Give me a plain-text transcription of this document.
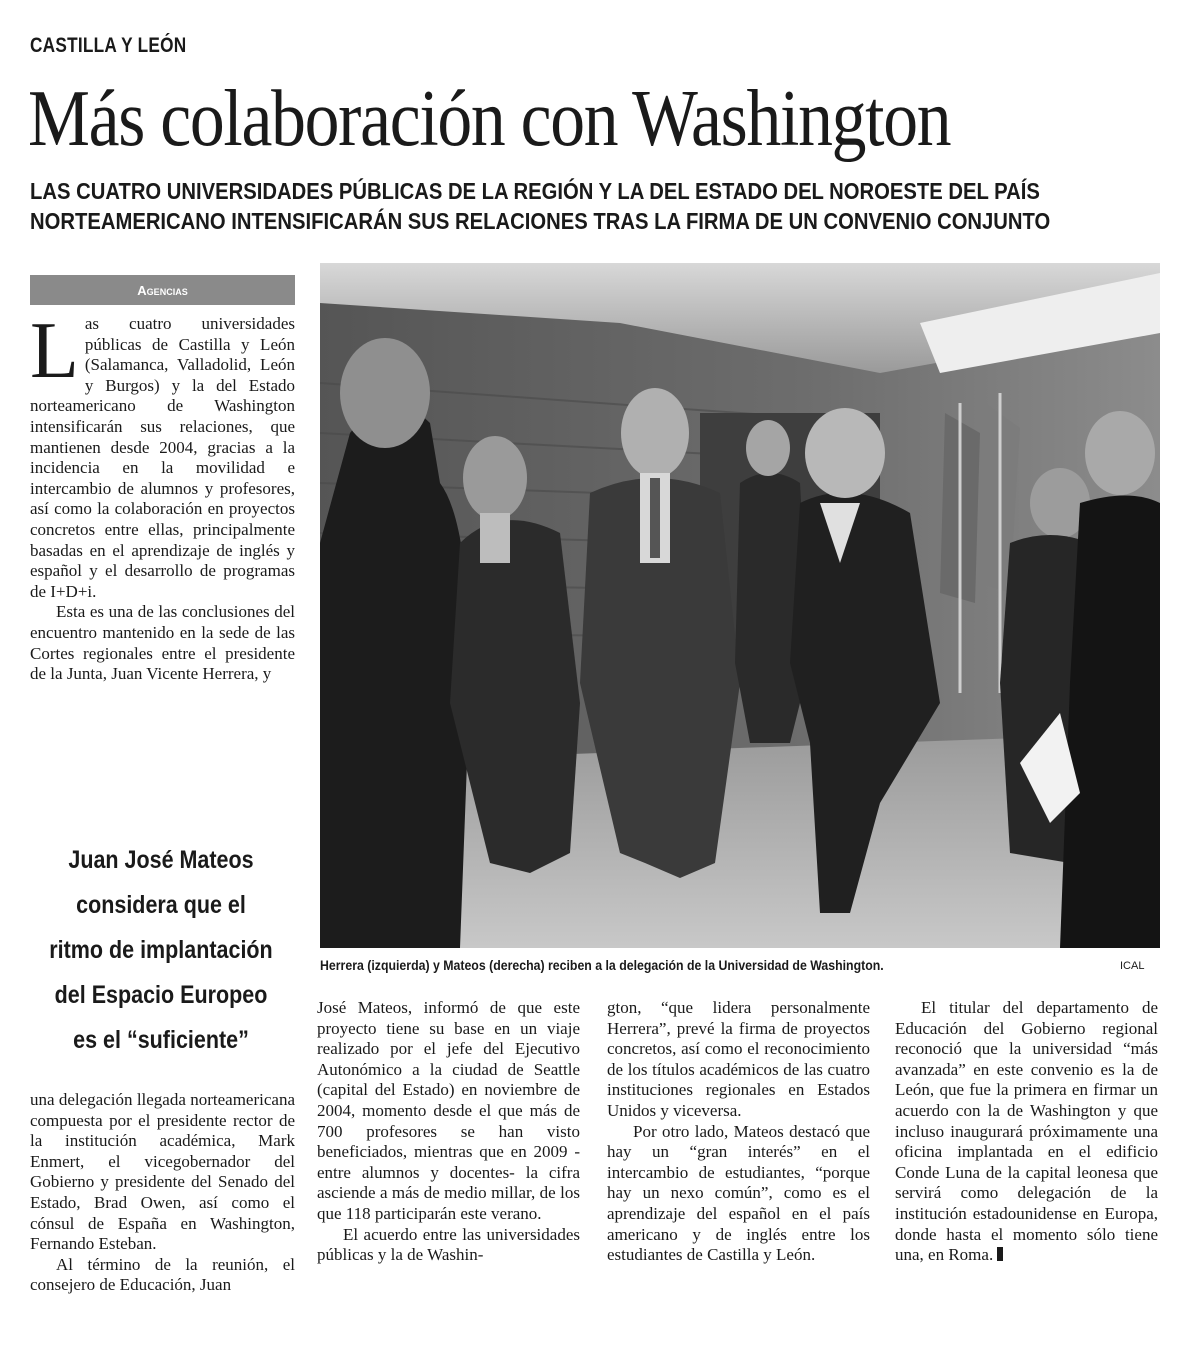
CASTILLA Y LEÓN
Más colaboración con Washington

LAS CUATRO UNIVERSIDADES PÚBLICAS DE LA REGIÓN Y LA DEL ESTADO DEL NOROESTE DEL PAÍS NORTEAMERICANO INTENSIFICARÁN SUS RELACIONES TRAS LA FIRMA DE UN CONVENIO CONJUNTO

Agencias

Las cuatro universidades públicas de Castilla y León (Salamanca, Valladolid, León y Burgos) y la del Estado norteamericano de Washington intensificarán sus relaciones, que mantienen desde 2004, gracias a la incidencia en la movilidad e intercambio de alumnos y profesores, así como la colaboración en proyectos concretos entre ellas, principalmente basadas en el aprendizaje de inglés y español y el desarrollo de programas de I+D+i.

Esta es una de las conclusiones del encuentro mantenido en la sede de las Cortes regionales entre el presidente de la Junta, Juan Vicente Herrera, y

Juan José Mateos considera que el ritmo de implantación del Espacio Europeo es el “suficiente”

una delegación llegada norteamericana compuesta por el presidente rector de la institución académica, Mark Enmert, el vicegobernador del Gobierno y presidente del Senado del Estado, Brad Owen, así como el cónsul de España en Washington, Fernando Esteban.

Al término de la reunión, el consejero de Educación, Juan

Herrera (izquierda) y Mateos (derecha) reciben a la delegación de la Universidad de Washington.	ICAL

José Mateos, informó de que este proyecto tiene su base en un viaje realizado por el jefe del Ejecutivo Autonómico a la ciudad de Seattle (capital del Estado) en noviembre de 2004, momento desde el que más de 700 profesores se han visto beneficiados, mientras que en 2009 -entre alumnos y docentes- la cifra asciende a más de medio millar, de los que 118 participarán este verano.

El acuerdo entre las universidades públicas y la de Washin-

gton, “que lidera personalmente Herrera”, prevé la firma de proyectos concretos, así como el reconocimiento de los títulos académicos de las cuatro instituciones regionales en Estados Unidos y viceversa.

Por otro lado, Mateos destacó que hay un “gran interés” en el intercambio de estudiantes, “porque hay un nexo común”, como es el aprendizaje del español en el país americano y de inglés entre los estudiantes de Castilla y León.

El titular del departamento de Educación del Gobierno regional reconoció que la universidad “más avanzada” en este convenio es la de León, que fue la primera en firmar un acuerdo con la de Washington y que incluso inaugurará próximamente una oficina implantada en el edificio Conde Luna de la capital leonesa que servirá como delegación de la institución estadounidense en Europa, donde hasta el momento sólo tiene una, en Roma.
